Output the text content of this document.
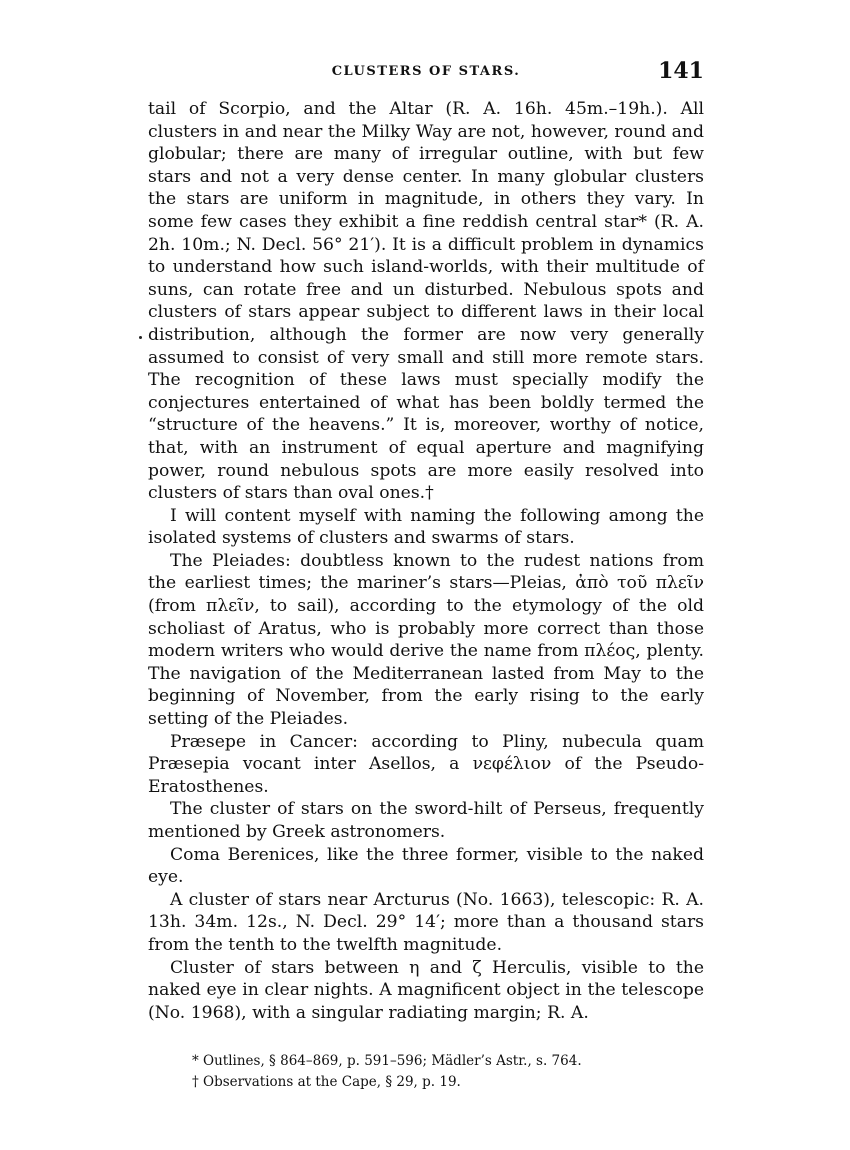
CLUSTERS OF STARS.	141

tail of Scorpio, and the Altar (R. A. 16h. 45m.–19h.). All clusters in and near the Milky Way are not, however, round and globular; there are many of irregular outline, with but few stars and not a very dense center. In many globular clusters the stars are uniform in magnitude, in others they vary. In some few cases they exhibit a fine reddish central star* (R. A. 2h. 10m.; N. Decl. 56° 21′). It is a difficult problem in dynamics to understand how such island-worlds, with their multitude of suns, can rotate free and un disturbed. Nebulous spots and clusters of stars appear subject to different laws in their local distribution, although the former are now very generally assumed to consist of very small and still more remote stars. The recognition of these laws must specially modify the conjectures entertained of what has been boldly termed the “structure of the heavens.” It is, moreover, worthy of notice, that, with an instrument of equal aperture and magnifying power, round nebulous spots are more easily resolved into clusters of stars than oval ones.†

I will content myself with naming the following among the isolated systems of clusters and swarms of stars.

The Pleiades: doubtless known to the rudest nations from the earliest times; the mariner’s stars—Pleias, ἀπὸ τοῦ πλεῖν (from πλεῖν, to sail), according to the etymology of the old scholiast of Aratus, who is probably more correct than those modern writers who would derive the name from πλέος, plenty. The navigation of the Mediterranean lasted from May to the beginning of November, from the early rising to the early setting of the Pleiades.

Præsepe in Cancer: according to Pliny, nubecula quam Præsepia vocant inter Asellos, a νεφέλιον of the Pseudo-Eratosthenes.

The cluster of stars on the sword-hilt of Perseus, frequently mentioned by Greek astronomers.

Coma Berenices, like the three former, visible to the naked eye.

A cluster of stars near Arcturus (No. 1663), telescopic: R. A. 13h. 34m. 12s., N. Decl. 29° 14′; more than a thousand stars from the tenth to the twelfth magnitude.

Cluster of stars between η and ζ Herculis, visible to the naked eye in clear nights. A magnificent object in the telescope (No. 1968), with a singular radiating margin; R. A.

* Outlines, § 864–869, p. 591–596; Mädler’s Astr., s. 764.
† Observations at the Cape, § 29, p. 19.
